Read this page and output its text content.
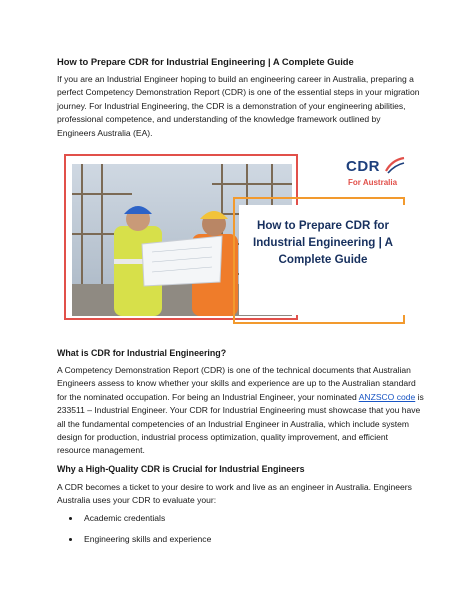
How to Prepare CDR for Industrial Engineering | A Complete Guide
If you are an Industrial Engineer hoping to build an engineering career in Australia, preparing a
perfect Competency Demonstration Report (CDR) is one of the essential steps in your migration
journey. For Industrial Engineering, the CDR is a demonstration of your engineering abilities,
professional competence, and understanding of the knowledge framework outlined by
Engineers Australia (EA).
How to Prepare CDR for
Industrial Engineering | A
Complete Guide
CDR
For Australia
What is CDR for Industrial Engineering?
A Competency Demonstration Report (CDR) is one of the technical documents that Australian
Engineers assess to know whether your skills and experience are up to the Australian standard
for the nominated occupation. For being an Industrial Engineer, your nominated ANZSCO code is
233511 – Industrial Engineer. Your CDR for Industrial Engineering must showcase that you have
all the fundamental competencies of an Industrial Engineer in Australia, which include system
design for production, industrial process optimization, quality improvement, and efficient
resource management.
Why a High-Quality CDR is Crucial for Industrial Engineers
A CDR becomes a ticket to your desire to work and live as an engineer in Australia. Engineers
Australia uses your CDR to evaluate your:
Academic credentials
Engineering skills and experience
